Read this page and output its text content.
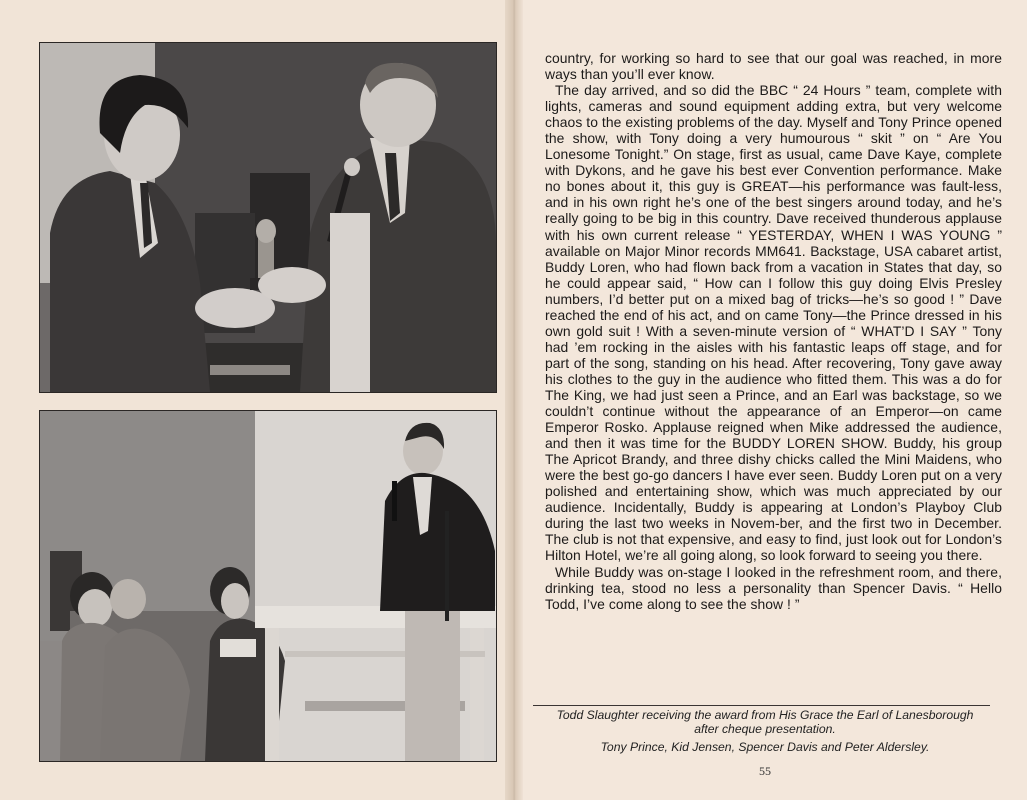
country, for working so hard to see that our goal was reached, in more ways than you’ll ever know.

The day arrived, and so did the BBC “ 24 Hours ” team, complete with lights, cameras and sound equipment adding extra, but very welcome chaos to the existing problems of the day. Myself and Tony Prince opened the show, with Tony doing a very humourous “ skit ” on “ Are You Lonesome Tonight.” On stage, first as usual, came Dave Kaye, complete with Dykons, and he gave his best ever Convention performance. Make no bones about it, this guy is GREAT—his performance was fault-less, and in his own right he’s one of the best singers around today, and he’s really going to be big in this country. Dave received thunderous applause with his own current release “ YESTERDAY, WHEN I WAS YOUNG ” available on Major Minor records MM641. Backstage, USA cabaret artist, Buddy Loren, who had flown back from a vacation in States that day, so he could appear said, “ How can I follow this guy doing Elvis Presley numbers, I’d better put on a mixed bag of tricks—he’s so good ! ” Dave reached the end of his act, and on came Tony—the Prince dressed in his own gold suit ! With a seven-minute version of “ WHAT’D I SAY ” Tony had ’em rocking in the aisles with his fantastic leaps off stage, and for part of the song, standing on his head. After recovering, Tony gave away his clothes to the guy in the audience who fitted them. This was a do for The King, we had just seen a Prince, and an Earl was backstage, so we couldn’t continue without the appearance of an Emperor—on came Emperor Rosko. Applause reigned when Mike addressed the audience, and then it was time for the BUDDY LOREN SHOW. Buddy, his group The Apricot Brandy, and three dishy chicks called the Mini Maidens, who were the best go-go dancers I have ever seen. Buddy Loren put on a very polished and entertaining show, which was much appreciated by our audience. Incidentally, Buddy is appearing at London’s Playboy Club during the last two weeks in Novem-ber, and the first two in December. The club is not that expensive, and easy to find, just look out for London’s Hilton Hotel, we’re all going along, so look forward to seeing you there.

While Buddy was on-stage I looked in the refreshment room, and there, drinking tea, stood no less a personality than Spencer Davis. “ Hello Todd, I’ve come along to see the show ! ”

Todd Slaughter receiving the award from His Grace the Earl of Lanesborough after cheque presentation.
Tony Prince, Kid Jensen, Spencer Davis and Peter Aldersley.
55
